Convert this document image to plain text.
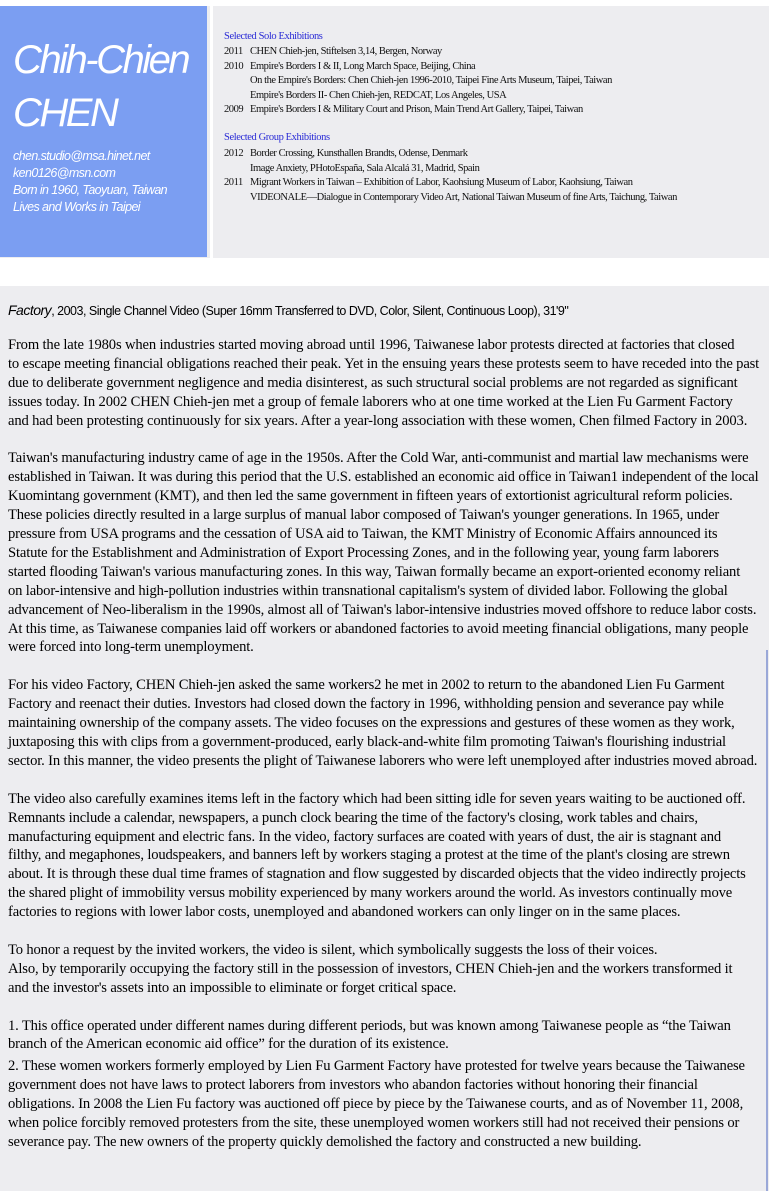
Chih-Chien
CHEN
chen.studio@msa.hinet.net
ken0126@msn.com
Born in 1960, Taoyuan, Taiwan
Lives and Works in Taipei
Selected Solo Exhibitions
2011 CHEN Chieh-jen, Stiftelsen 3,14, Bergen, Norway
2010 Empire's Borders I & II, Long March Space, Beijing, China
On the Empire's Borders: Chen Chieh-jen 1996-2010, Taipei Fine Arts Museum, Taipei, Taiwan
Empire's Borders II- Chen Chieh-jen, REDCAT, Los Angeles, USA
2009 Empire's Borders I & Military Court and Prison, Main Trend Art Gallery, Taipei, Taiwan
Selected Group Exhibitions
2012 Border Crossing, Kunsthallen Brandts, Odense, Denmark
Image Anxiety, PHotoEspaña, Sala Alcalá 31, Madrid, Spain
2011 Migrant Workers in Taiwan – Exhibition of Labor, Kaohsiung Museum of Labor, Kaohsiung, Taiwan
VIDEONALE—Dialogue in Contemporary Video Art, National Taiwan Museum of fine Arts, Taichung, Taiwan
Factory, 2003, Single Channel Video (Super 16mm Transferred to DVD, Color, Silent, Continuous Loop), 31'9"

From the late 1980s when industries started moving abroad until 1996, Taiwanese labor protests directed at factories that closed
to escape meeting financial obligations reached their peak. Yet in the ensuing years these protests seem to have receded into the past
due to deliberate government negligence and media disinterest, as such structural social problems are not regarded as significant
issues today. In 2002 CHEN Chieh-jen met a group of female laborers who at one time worked at the Lien Fu Garment Factory
and had been protesting continuously for six years. After a year-long association with these women, Chen filmed Factory in 2003.

Taiwan's manufacturing industry came of age in the 1950s. After the Cold War, anti-communist and martial law mechanisms were
established in Taiwan. It was during this period that the U.S. established an economic aid office in Taiwan1 independent of the local
Kuomintang government (KMT), and then led the same government in fifteen years of extortionist agricultural reform policies.
These policies directly resulted in a large surplus of manual labor composed of Taiwan's younger generations. In 1965, under
pressure from USA programs and the cessation of USA aid to Taiwan, the KMT Ministry of Economic Affairs announced its
Statute for the Establishment and Administration of Export Processing Zones, and in the following year, young farm laborers
started flooding Taiwan's various manufacturing zones. In this way, Taiwan formally became an export-oriented economy reliant
on labor-intensive and high-pollution industries within transnational capitalism's system of divided labor. Following the global
advancement of Neo-liberalism in the 1990s, almost all of Taiwan's labor-intensive industries moved offshore to reduce labor costs.
At this time, as Taiwanese companies laid off workers or abandoned factories to avoid meeting financial obligations, many people
were forced into long-term unemployment.

For his video Factory, CHEN Chieh-jen asked the same workers2 he met in 2002 to return to the abandoned Lien Fu Garment
Factory and reenact their duties. Investors had closed down the factory in 1996, withholding pension and severance pay while
maintaining ownership of the company assets. The video focuses on the expressions and gestures of these women as they work,
juxtaposing this with clips from a government-produced, early black-and-white film promoting Taiwan's flourishing industrial
sector. In this manner, the video presents the plight of Taiwanese laborers who were left unemployed after industries moved abroad.

The video also carefully examines items left in the factory which had been sitting idle for seven years waiting to be auctioned off.
Remnants include a calendar, newspapers, a punch clock bearing the time of the factory's closing, work tables and chairs,
manufacturing equipment and electric fans. In the video, factory surfaces are coated with years of dust, the air is stagnant and
filthy, and megaphones, loudspeakers, and banners left by workers staging a protest at the time of the plant's closing are strewn
about. It is through these dual time frames of stagnation and flow suggested by discarded objects that the video indirectly projects
the shared plight of immobility versus mobility experienced by many workers around the world. As investors continually move
factories to regions with lower labor costs, unemployed and abandoned workers can only linger on in the same places.

To honor a request by the invited workers, the video is silent, which symbolically suggests the loss of their voices.
Also, by temporarily occupying the factory still in the possession of investors, CHEN Chieh-jen and the workers transformed it
and the investor's assets into an impossible to eliminate or forget critical space.

1. This office operated under different names during different periods, but was known among Taiwanese people as “the Taiwan
branch of the American economic aid office” for the duration of its existence.

2. These women workers formerly employed by Lien Fu Garment Factory have protested for twelve years because the Taiwanese
government does not have laws to protect laborers from investors who abandon factories without honoring their financial
obligations. In 2008 the Lien Fu factory was auctioned off piece by piece by the Taiwanese courts, and as of November 11, 2008,
when police forcibly removed protesters from the site, these unemployed women workers still had not received their pensions or
severance pay. The new owners of the property quickly demolished the factory and constructed a new building.
